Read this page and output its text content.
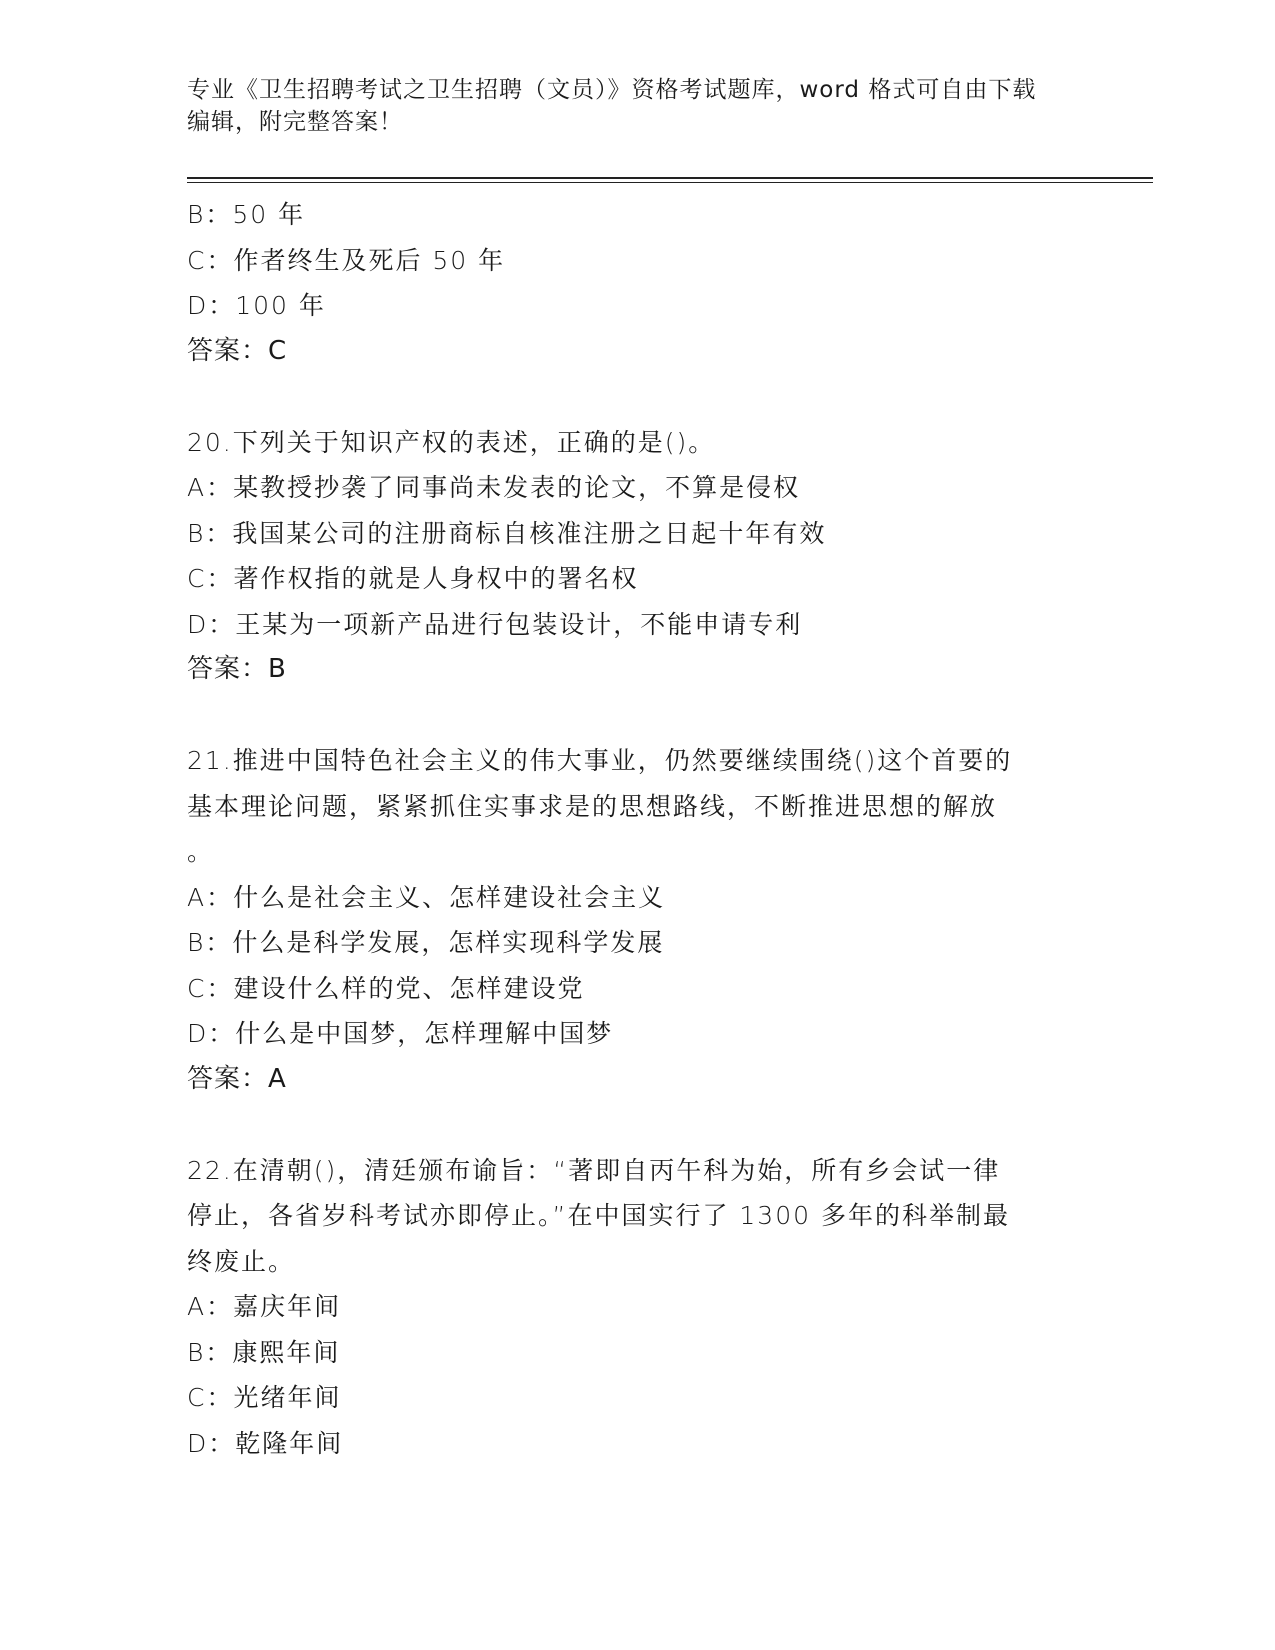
专业《卫生招聘考试之卫生招聘（文员）》资格考试题库，word 格式可自由下载
编辑，附完整答案！
B：50 年
C：作者终生及死后 50 年
D：100 年
答案：C
20.下列关于知识产权的表述，正确的是()。
A：某教授抄袭了同事尚未发表的论文，不算是侵权
B：我国某公司的注册商标自核准注册之日起十年有效
C：著作权指的就是人身权中的署名权
D：王某为一项新产品进行包装设计，不能申请专利
答案：B
21.推进中国特色社会主义的伟大事业，仍然要继续围绕()这个首要的
基本理论问题，紧紧抓住实事求是的思想路线，不断推进思想的解放
。
A：什么是社会主义、怎样建设社会主义
B：什么是科学发展，怎样实现科学发展
C：建设什么样的党、怎样建设党
D：什么是中国梦，怎样理解中国梦
答案：A
22.在清朝()，清廷颁布谕旨：“著即自丙午科为始，所有乡会试一律
停止，各省岁科考试亦即停止。”在中国实行了 1300 多年的科举制最
终废止。
A：嘉庆年间
B：康熙年间
C：光绪年间
D：乾隆年间
